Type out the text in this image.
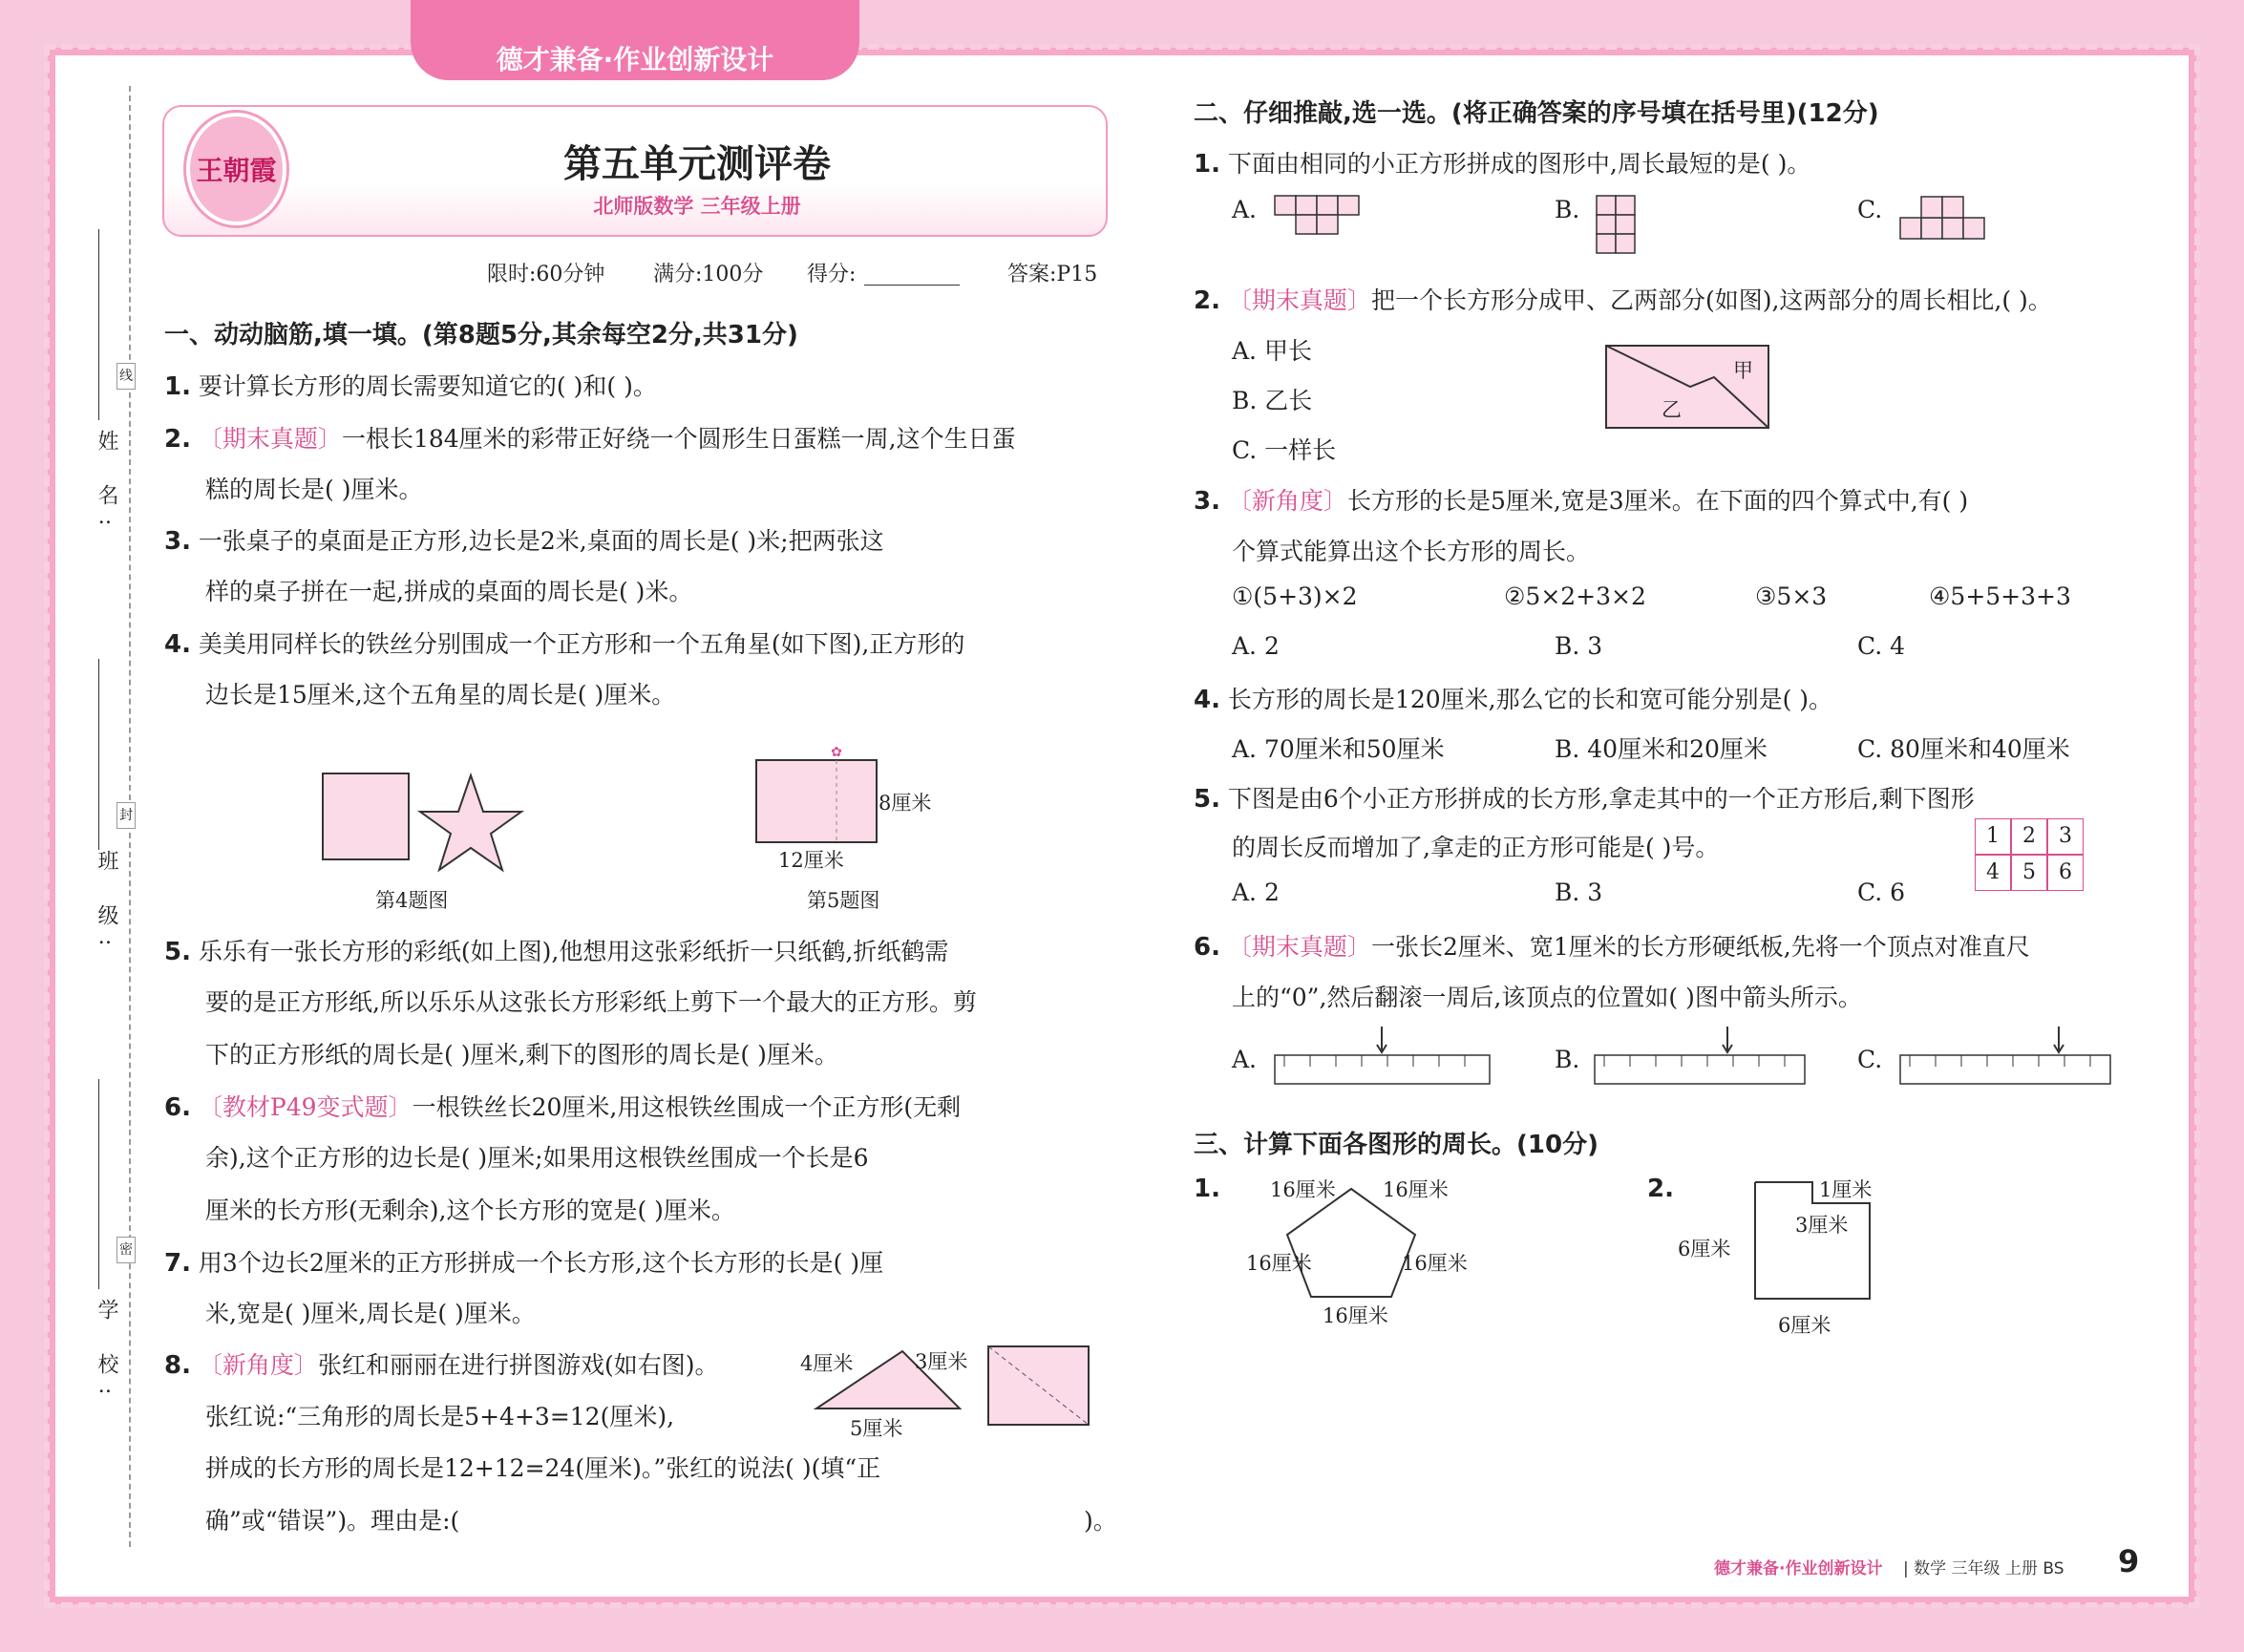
德才兼备·作业创新设计
姓 名:
班 级:
学 校:
线
封
密
王朝霞	第五单元测评卷
北师版数学 三年级上册
限时:60分钟 满分:100分 得分:	答案:P15
一、动动脑筋,填一填。(第8题5分,其余每空2分,共31分)
1. 要计算长方形的周长需要知道它的( )和( )。
2. 〔期末真题〕一根长184厘米的彩带正好绕一个圆形生日蛋糕一周,这个生日蛋
糕的周长是( )厘米。
3. 一张桌子的桌面是正方形,边长是2米,桌面的周长是( )米;把两张这
样的桌子拼在一起,拼成的桌面的周长是( )米。
4. 美美用同样长的铁丝分别围成一个正方形和一个五角星(如下图),正方形的
边长是15厘米,这个五角星的周长是( )厘米。
✿
8厘米
12厘米
第4题图	第5题图
5. 乐乐有一张长方形的彩纸(如上图),他想用这张彩纸折一只纸鹤,折纸鹤需
要的是正方形纸,所以乐乐从这张长方形彩纸上剪下一个最大的正方形。剪
下的正方形纸的周长是( )厘米,剩下的图形的周长是( )厘米。
6. 〔教材P49变式题〕一根铁丝长20厘米,用这根铁丝围成一个正方形(无剩
余),这个正方形的边长是( )厘米;如果用这根铁丝围成一个长是6
厘米的长方形(无剩余),这个长方形的宽是( )厘米。
7. 用3个边长2厘米的正方形拼成一个长方形,这个长方形的长是( )厘
米,宽是( )厘米,周长是( )厘米。
8. 〔新角度〕张红和丽丽在进行拼图游戏(如右图)。
张红说:“三角形的周长是5+4+3=12(厘米),
拼成的长方形的周长是12+12=24(厘米)。”张红的说法( )(填“正
确”或“错误”)。理由是:(	)。
4厘米	3厘米
5厘米
二、仔细推敲,选一选。(将正确答案的序号填在括号里)(12分)
1. 下面由相同的小正方形拼成的图形中,周长最短的是( )。
A.	B.	C.
2. 〔期末真题〕把一个长方形分成甲、乙两部分(如图),这两部分的周长相比,( )。
A. 甲长
B. 乙长
C. 一样长
甲
乙
3. 〔新角度〕长方形的长是5厘米,宽是3厘米。在下面的四个算式中,有( )
个算式能算出这个长方形的周长。
①(5+3)×2	②5×2+3×2	③5×3	④5+5+3+3
A. 2	B. 3	C. 4
4. 长方形的周长是120厘米,那么它的长和宽可能分别是( )。
A. 70厘米和50厘米	B. 40厘米和20厘米	C. 80厘米和40厘米
5. 下图是由6个小正方形拼成的长方形,拿走其中的一个正方形后,剩下图形
的周长反而增加了,拿走的正方形可能是( )号。
A. 2	B. 3	C. 6
1	2	3
4	5	6
6. 〔期末真题〕一张长2厘米、宽1厘米的长方形硬纸板,先将一个顶点对准直尺
上的“0”,然后翻滚一周后,该顶点的位置如( )图中箭头所示。
A.	B.	C.
三、计算下面各图形的周长。(10分)
1.	2.
16厘米 16厘米
16厘米	16厘米
16厘米
1厘米
3厘米
6厘米
6厘米
德才兼备·作业创新设计 | 数学 三年级 上册 BS 9
